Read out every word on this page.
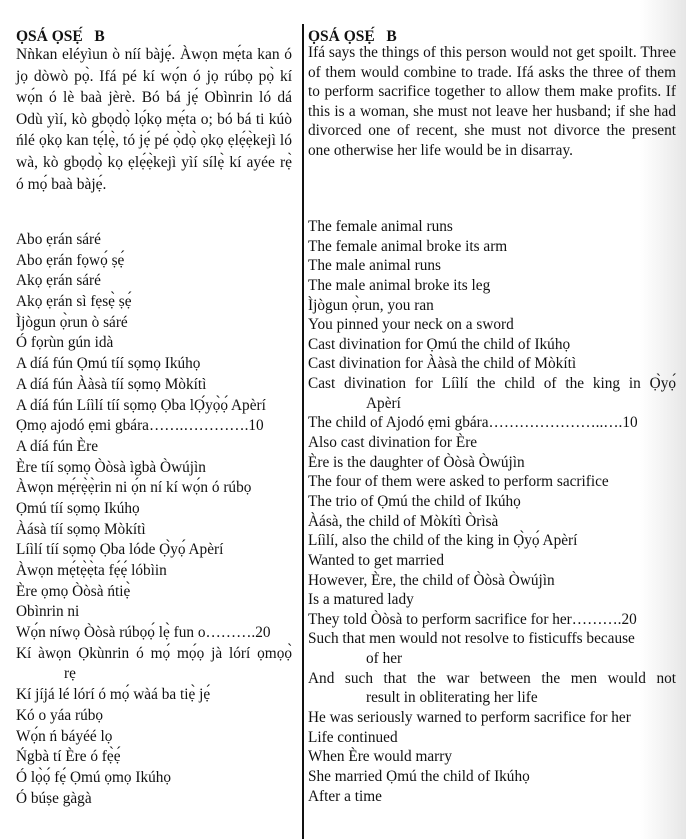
ỌSÁ ỌSẸ́   B
Nǹkan eléyìun ò níí bàjẹ́. Àwọn mẹ́ta kan ó jọ dòwò pọ̀. Ifá pé kí wọ́n ó jọ rúbọ pọ̀ kí wọ́n ó lè baà jèrè. Bó bá jẹ́ Obìnrin ló dá Odù yìí, kò gbọdọ̀ lọ́kọ mẹ́ta o; bó bá ti kúò ńlé ọkọ kan tẹ́lẹ̀, tó jẹ́ pé ọ̀dọ̀ ọkọ ẹlẹ́ẹ̀kejì ló wà, kò gbọdọ̀ kọ ẹlẹ́ẹ̀kejì yìí sílẹ̀ kí ayée rẹ̀ ó mọ́ baà bàjẹ́.
Abo ẹrán sáré
Abo ẹrán fọwọ́ ṣẹ́
Akọ ẹrán sáré
Akọ ẹrán sì fẹsẹ̀ ṣẹ́
Ìjògun ọ̀run ò sáré
Ó fọrùn gún idà
A díá fún Ọmú tíí sọmọ Ikúhọ
A díá fún Ààsà tíí sọmọ Mòkítì
A díá fún Líìlí tíí sọmọ Ọba lỌ́yọ̀ọ́ Apèrí
Ọmọ ajodó ẹmi gbára…….………….10
A díá fún Ère
Ère tíí sọmọ Òòsà ìgbà Òwújìn
Àwọn mẹ́rẹ̀ẹ̀rin ni ọ́n ní kí wọ́n ó rúbọ
Ọmú tíí sọmọ Ikúhọ
Àásà tíí sọmọ Mòkítì
Líìlí tíí sọmọ Ọba lóde Ọ̀yọ́ Apèrí
Àwọn mẹ́tẹ̀ẹ̀ta fẹ́ẹ́ lóbìin
Ère ọmọ Òòsà ńtiẹ̀
Obìnrin ni
Wọ́n níwọ Òòsà rúbọọ́ lẹ̀ fun o……….20
Kí àwọn Ọkùnrin ó mọ́ mọ́ọ jà lórí ọmọọ̀
rẹ
Kí jíjá lé lórí ó mọ́ wàá ba tiẹ̀ jẹ́
Kó o yáa rúbọ
Wọ́n ń báyéé lọ
Ńgbà tí Ère ó fẹ̀ẹ́
Ó lọ̀ọ́ fẹ́ Ọmú ọmọ Ikúhọ
Ó búṣe gàgà
ỌSÁ ỌSẸ́   B
Ifá says the things of this person would not get spoilt. Three of them would combine to trade. Ifá asks the three of them to perform sacrifice together to allow them make profits. If this is a woman, she must not leave her husband; if she had divorced one of recent, she must not divorce the present one otherwise her life would be in disarray.
The female animal runs
The female animal broke its arm
The male animal runs
The male animal broke its leg
Ìjògun ọ̀run, you ran
You pinned your neck on a sword
Cast divination for Ọmú the child of Ikúhọ
Cast divination for Ààsà the child of Mòkítì
Cast divination for Líìlí the child of the king in Ọ̀yọ́
Apèrí
The child of Ajodó ẹmi gbára…………………..….10
Also cast divination for Ère
Ère is the daughter of Òòsà Òwújìn
The four of them were asked to perform sacrifice
The trio of Ọmú the child of Ikúhọ
Àásà, the child of Mòkítì Òrìsà
Líìlí, also the child of the king in Ọ̀yọ́ Apèrí
Wanted to get married
However, Ère, the child of Òòsà Òwújìn
Is a matured lady
They told Òòsà to perform sacrifice for her……….20
Such that men would not resolve to fisticuffs because
of her
And such that the war between the men would not
result in obliterating her life
He was seriously warned to perform sacrifice for her
Life continued
When Ère would marry
She married Ọmú the child of Ikúhọ
After a time
